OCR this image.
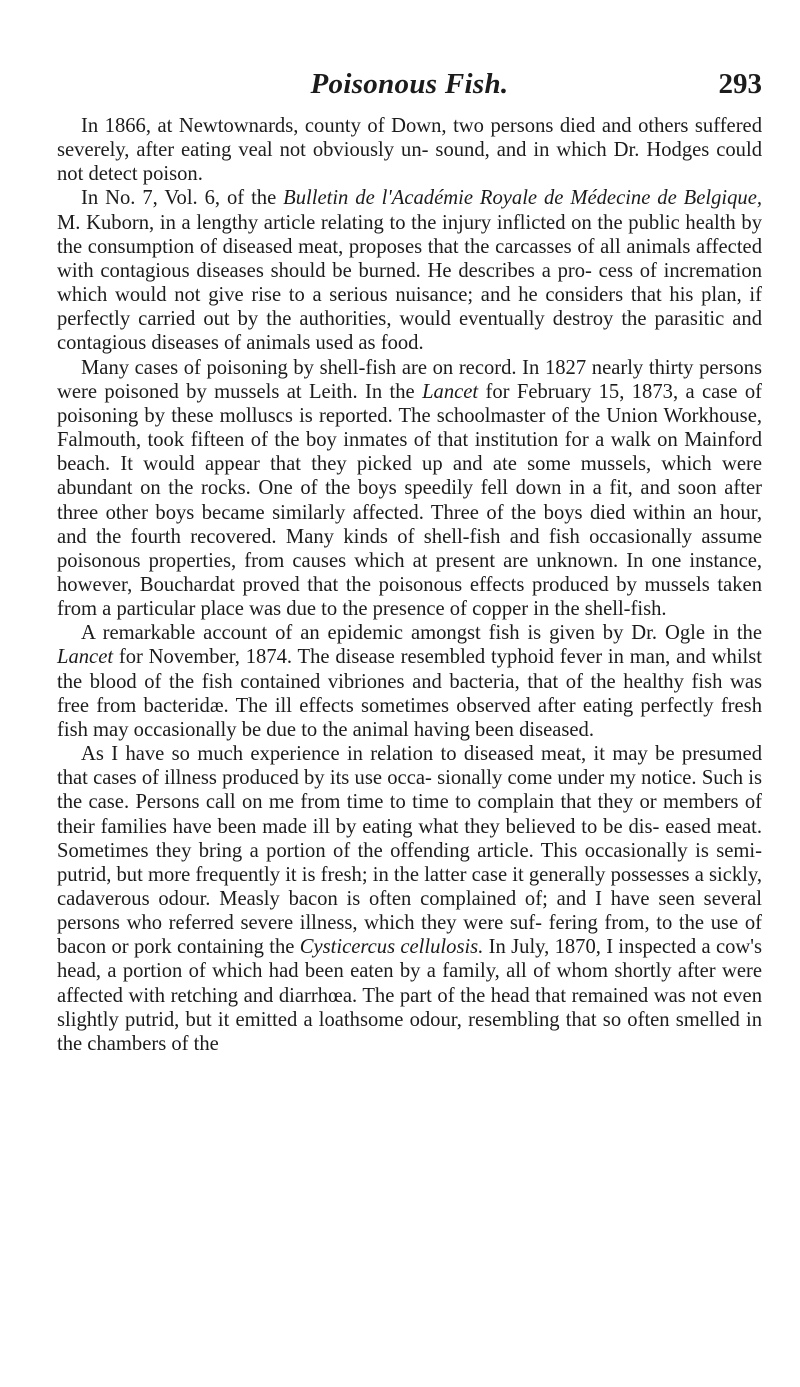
Poisonous Fish.	293

In 1866, at Newtownards, county of Down, two persons died and others suffered severely, after eating veal not obviously un- sound, and in which Dr. Hodges could not detect poison.

In No. 7, Vol. 6, of the Bulletin de l'Académie Royale de Médecine de Belgique, M. Kuborn, in a lengthy article relating to the injury inflicted on the public health by the consumption of diseased meat, proposes that the carcasses of all animals affected with contagious diseases should be burned. He describes a pro- cess of incremation which would not give rise to a serious nuisance; and he considers that his plan, if perfectly carried out by the authorities, would eventually destroy the parasitic and contagious diseases of animals used as food.

Many cases of poisoning by shell-fish are on record. In 1827 nearly thirty persons were poisoned by mussels at Leith. In the Lancet for February 15, 1873, a case of poisoning by these molluscs is reported. The schoolmaster of the Union Workhouse, Falmouth, took fifteen of the boy inmates of that institution for a walk on Mainford beach. It would appear that they picked up and ate some mussels, which were abundant on the rocks. One of the boys speedily fell down in a fit, and soon after three other boys became similarly affected. Three of the boys died within an hour, and the fourth recovered. Many kinds of shell-fish and fish occasionally assume poisonous properties, from causes which at present are unknown. In one instance, however, Bouchardat proved that the poisonous effects produced by mussels taken from a particular place was due to the presence of copper in the shell-fish.

A remarkable account of an epidemic amongst fish is given by Dr. Ogle in the Lancet for November, 1874. The disease resembled typhoid fever in man, and whilst the blood of the fish contained vibriones and bacteria, that of the healthy fish was free from bacteridæ. The ill effects sometimes observed after eating perfectly fresh fish may occasionally be due to the animal having been diseased.

As I have so much experience in relation to diseased meat, it may be presumed that cases of illness produced by its use occa- sionally come under my notice. Such is the case. Persons call on me from time to time to complain that they or members of their families have been made ill by eating what they believed to be dis- eased meat. Sometimes they bring a portion of the offending article. This occasionally is semi-putrid, but more frequently it is fresh; in the latter case it generally possesses a sickly, cadaverous odour. Measly bacon is often complained of; and I have seen several persons who referred severe illness, which they were suf- fering from, to the use of bacon or pork containing the Cysticercus cellulosis. In July, 1870, I inspected a cow's head, a portion of which had been eaten by a family, all of whom shortly after were affected with retching and diarrhœa. The part of the head that remained was not even slightly putrid, but it emitted a loathsome odour, resembling that so often smelled in the chambers of the
